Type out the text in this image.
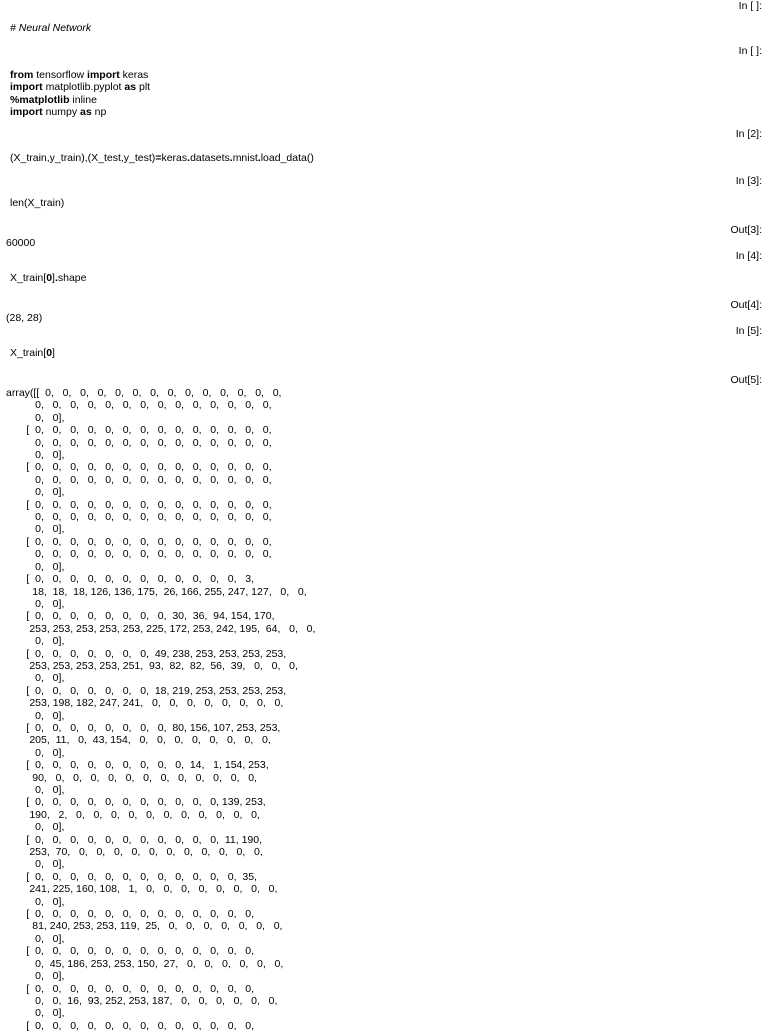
In [ ]:
# Neural Network
In [ ]:
from tensorflow import keras
import matplotlib.pyplot as plt
%matplotlib inline
import numpy as np
In [2]:
(X_train,y_train),(X_test,y_test)=keras.datasets.mnist.load_data()
In [3]:
len(X_train)
Out[3]:
60000
In [4]:
X_train[0].shape
Out[4]:
(28, 28)
In [5]:
X_train[0]
Out[5]:
array([[  0,   0,   0,   0,   0,   0,   0,   0,   0,   0,   0,   0,   0,   0,
0,   0,   0,   0,   0,   0,   0,   0,   0,   0,   0,   0,   0,   0,
0,   0],
[  0,   0,   0,   0,   0,   0,   0,   0,   0,   0,   0,   0,   0,   0,
0,   0,   0,   0,   0,   0,   0,   0,   0,   0,   0,   0,   0,   0,
0,   0],
[  0,   0,   0,   0,   0,   0,   0,   0,   0,   0,   0,   0,   0,   0,
0,   0,   0,   0,   0,   0,   0,   0,   0,   0,   0,   0,   0,   0,
0,   0],
[  0,   0,   0,   0,   0,   0,   0,   0,   0,   0,   0,   0,   0,   0,
0,   0,   0,   0,   0,   0,   0,   0,   0,   0,   0,   0,   0,   0,
0,   0],
[  0,   0,   0,   0,   0,   0,   0,   0,   0,   0,   0,   0,   0,   0,
0,   0,   0,   0,   0,   0,   0,   0,   0,   0,   0,   0,   0,   0,
0,   0],
[  0,   0,   0,   0,   0,   0,   0,   0,   0,   0,   0,   0,   3,
18,  18,  18, 126, 136, 175,  26, 166, 255, 247, 127,   0,   0,
0,   0],
[  0,   0,   0,   0,   0,   0,   0,   0,  30,  36,  94, 154, 170,
253, 253, 253, 253, 253, 225, 172, 253, 242, 195,  64,   0,   0,
0,   0],
[  0,   0,   0,   0,   0,   0,   0,  49, 238, 253, 253, 253, 253,
253, 253, 253, 253, 251,  93,  82,  82,  56,  39,   0,   0,   0,
0,   0],
[  0,   0,   0,   0,   0,   0,   0,  18, 219, 253, 253, 253, 253,
253, 198, 182, 247, 241,   0,   0,   0,   0,   0,   0,   0,   0,
0,   0],
[  0,   0,   0,   0,   0,   0,   0,   0,  80, 156, 107, 253, 253,
205,  11,   0,  43, 154,   0,   0,   0,   0,   0,   0,   0,   0,
0,   0],
[  0,   0,   0,   0,   0,   0,   0,   0,   0,  14,   1, 154, 253,
90,   0,   0,   0,   0,   0,   0,   0,   0,   0,   0,   0,   0,
0,   0],
[  0,   0,   0,   0,   0,   0,   0,   0,   0,   0,   0, 139, 253,
190,   2,   0,   0,   0,   0,   0,   0,   0,   0,   0,   0,   0,
0,   0],
[  0,   0,   0,   0,   0,   0,   0,   0,   0,   0,   0,  11, 190,
253,  70,   0,   0,   0,   0,   0,   0,   0,   0,   0,   0,   0,
0,   0],
[  0,   0,   0,   0,   0,   0,   0,   0,   0,   0,   0,   0,  35,
241, 225, 160, 108,   1,   0,   0,   0,   0,   0,   0,   0,   0,
0,   0],
[  0,   0,   0,   0,   0,   0,   0,   0,   0,   0,   0,   0,   0,
81, 240, 253, 253, 119,  25,   0,   0,   0,   0,   0,   0,   0,
0,   0],
[  0,   0,   0,   0,   0,   0,   0,   0,   0,   0,   0,   0,   0,
0,  45, 186, 253, 253, 150,  27,   0,   0,   0,   0,   0,   0,
0,   0],
[  0,   0,   0,   0,   0,   0,   0,   0,   0,   0,   0,   0,   0,
0,   0,  16,  93, 252, 253, 187,   0,   0,   0,   0,   0,   0,
0,   0],
[  0,   0,   0,   0,   0,   0,   0,   0,   0,   0,   0,   0,   0,
